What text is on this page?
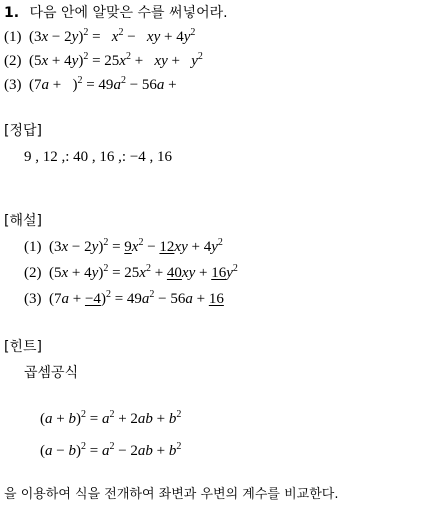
1. 다음 안에 알맞은 수를 써넣어라.
(1)  $(3x - 2y)^2 = x^2$ −   xy + $4y^2$
(2)  $(5x + 4y)^2 = 25x^2$ +   xy +   $y^2$
(3)  $(7a + )^2 = 49a^2 - 56a$ +
[정답]
9 , 12 ,: 40 , 16 ,: −4 , 16
[해설]
(1)  $(3x - 2y)^2 = 9x^2 - 12xy + 4y^2$
(2)  $(5x + 4y)^2 = 25x^2 + 40xy + 16y^2$
(3)  $(7a + -4)^2 = 49a^2 - 56a + 16$
[힌트]
곱셈공식
$(a + b)^2 = a^2 + 2ab + b^2$
$(a - b)^2 = a^2 - 2ab + b^2$
을 이용하여 식을 전개하여 좌변과 우변의 계수를 비교한다.
